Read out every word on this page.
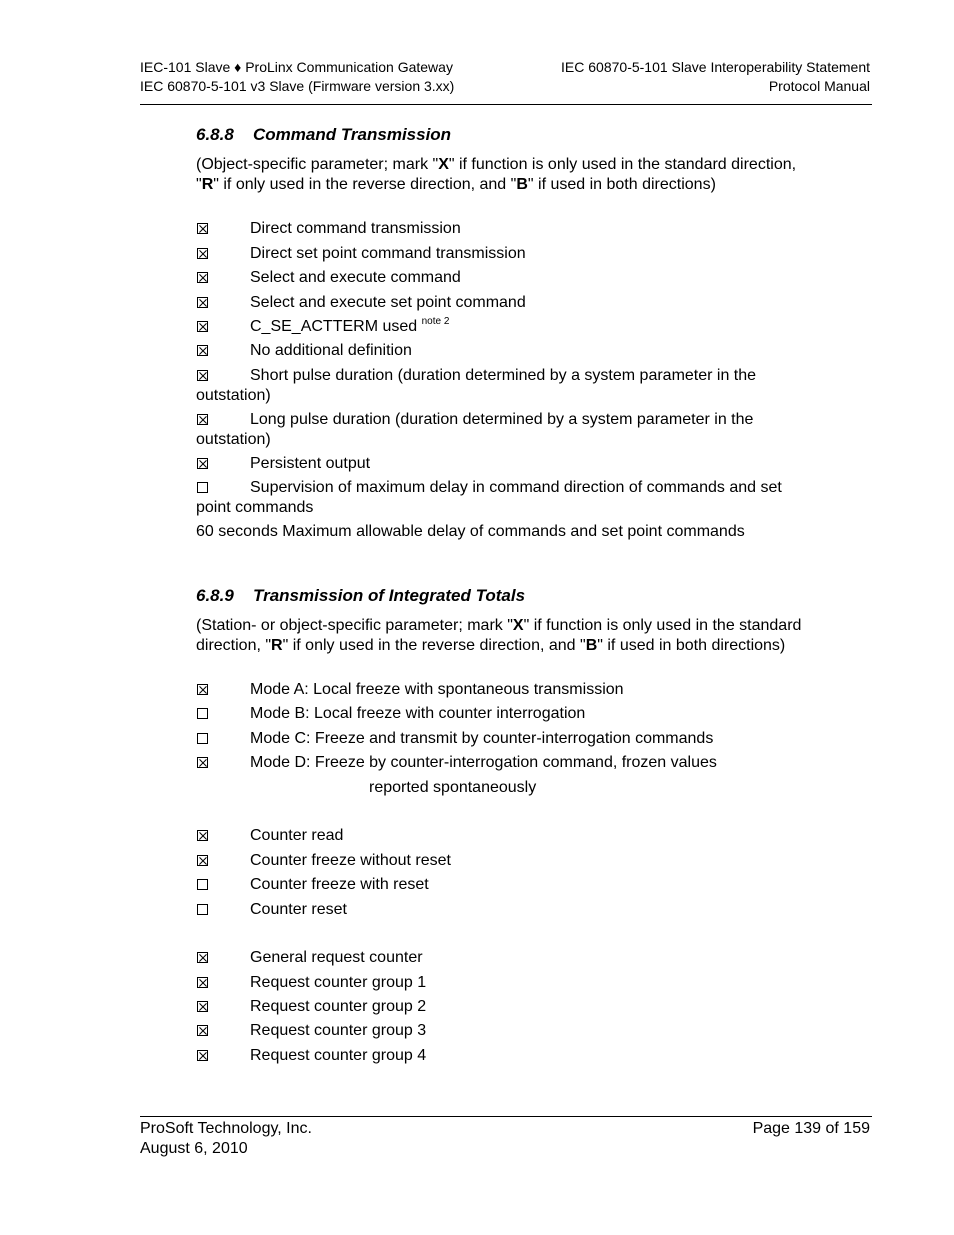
IEC-101 Slave ♦ ProLinx Communication Gateway
IEC 60870-5-101 v3 Slave (Firmware version 3.xx)
IEC 60870-5-101 Slave Interoperability Statement
Protocol Manual
6.8.8 Command Transmission
(Object-specific parameter; mark "X" if function is only used in the standard direction, "R" if only used in the reverse direction, and "B" if used in both directions)
Direct command transmission
Direct set point command transmission
Select and execute command
Select and execute set point command
C_SE_ACTTERM used $^{note 2}$
No additional definition
Short pulse duration (duration determined by a system parameter in the outstation)
Long pulse duration (duration determined by a system parameter in the outstation)
Persistent output
Supervision of maximum delay in command direction of commands and set point commands
60 seconds Maximum allowable delay of commands and set point commands
6.8.9 Transmission of Integrated Totals
(Station- or object-specific parameter; mark "X" if function is only used in the standard direction, "R" if only used in the reverse direction, and "B" if used in both directions)
Mode A: Local freeze with spontaneous transmission
Mode B: Local freeze with counter interrogation
Mode C: Freeze and transmit by counter-interrogation commands
Mode D: Freeze by counter-interrogation command, frozen values
Counter read
Counter freeze without reset
Counter freeze with reset
Counter reset
General request counter
Request counter group 1
Request counter group 2
Request counter group 3
Request counter group 4
reported spontaneously
ProSoft Technology, Inc.
August 6, 2010
Page 139 of 159
